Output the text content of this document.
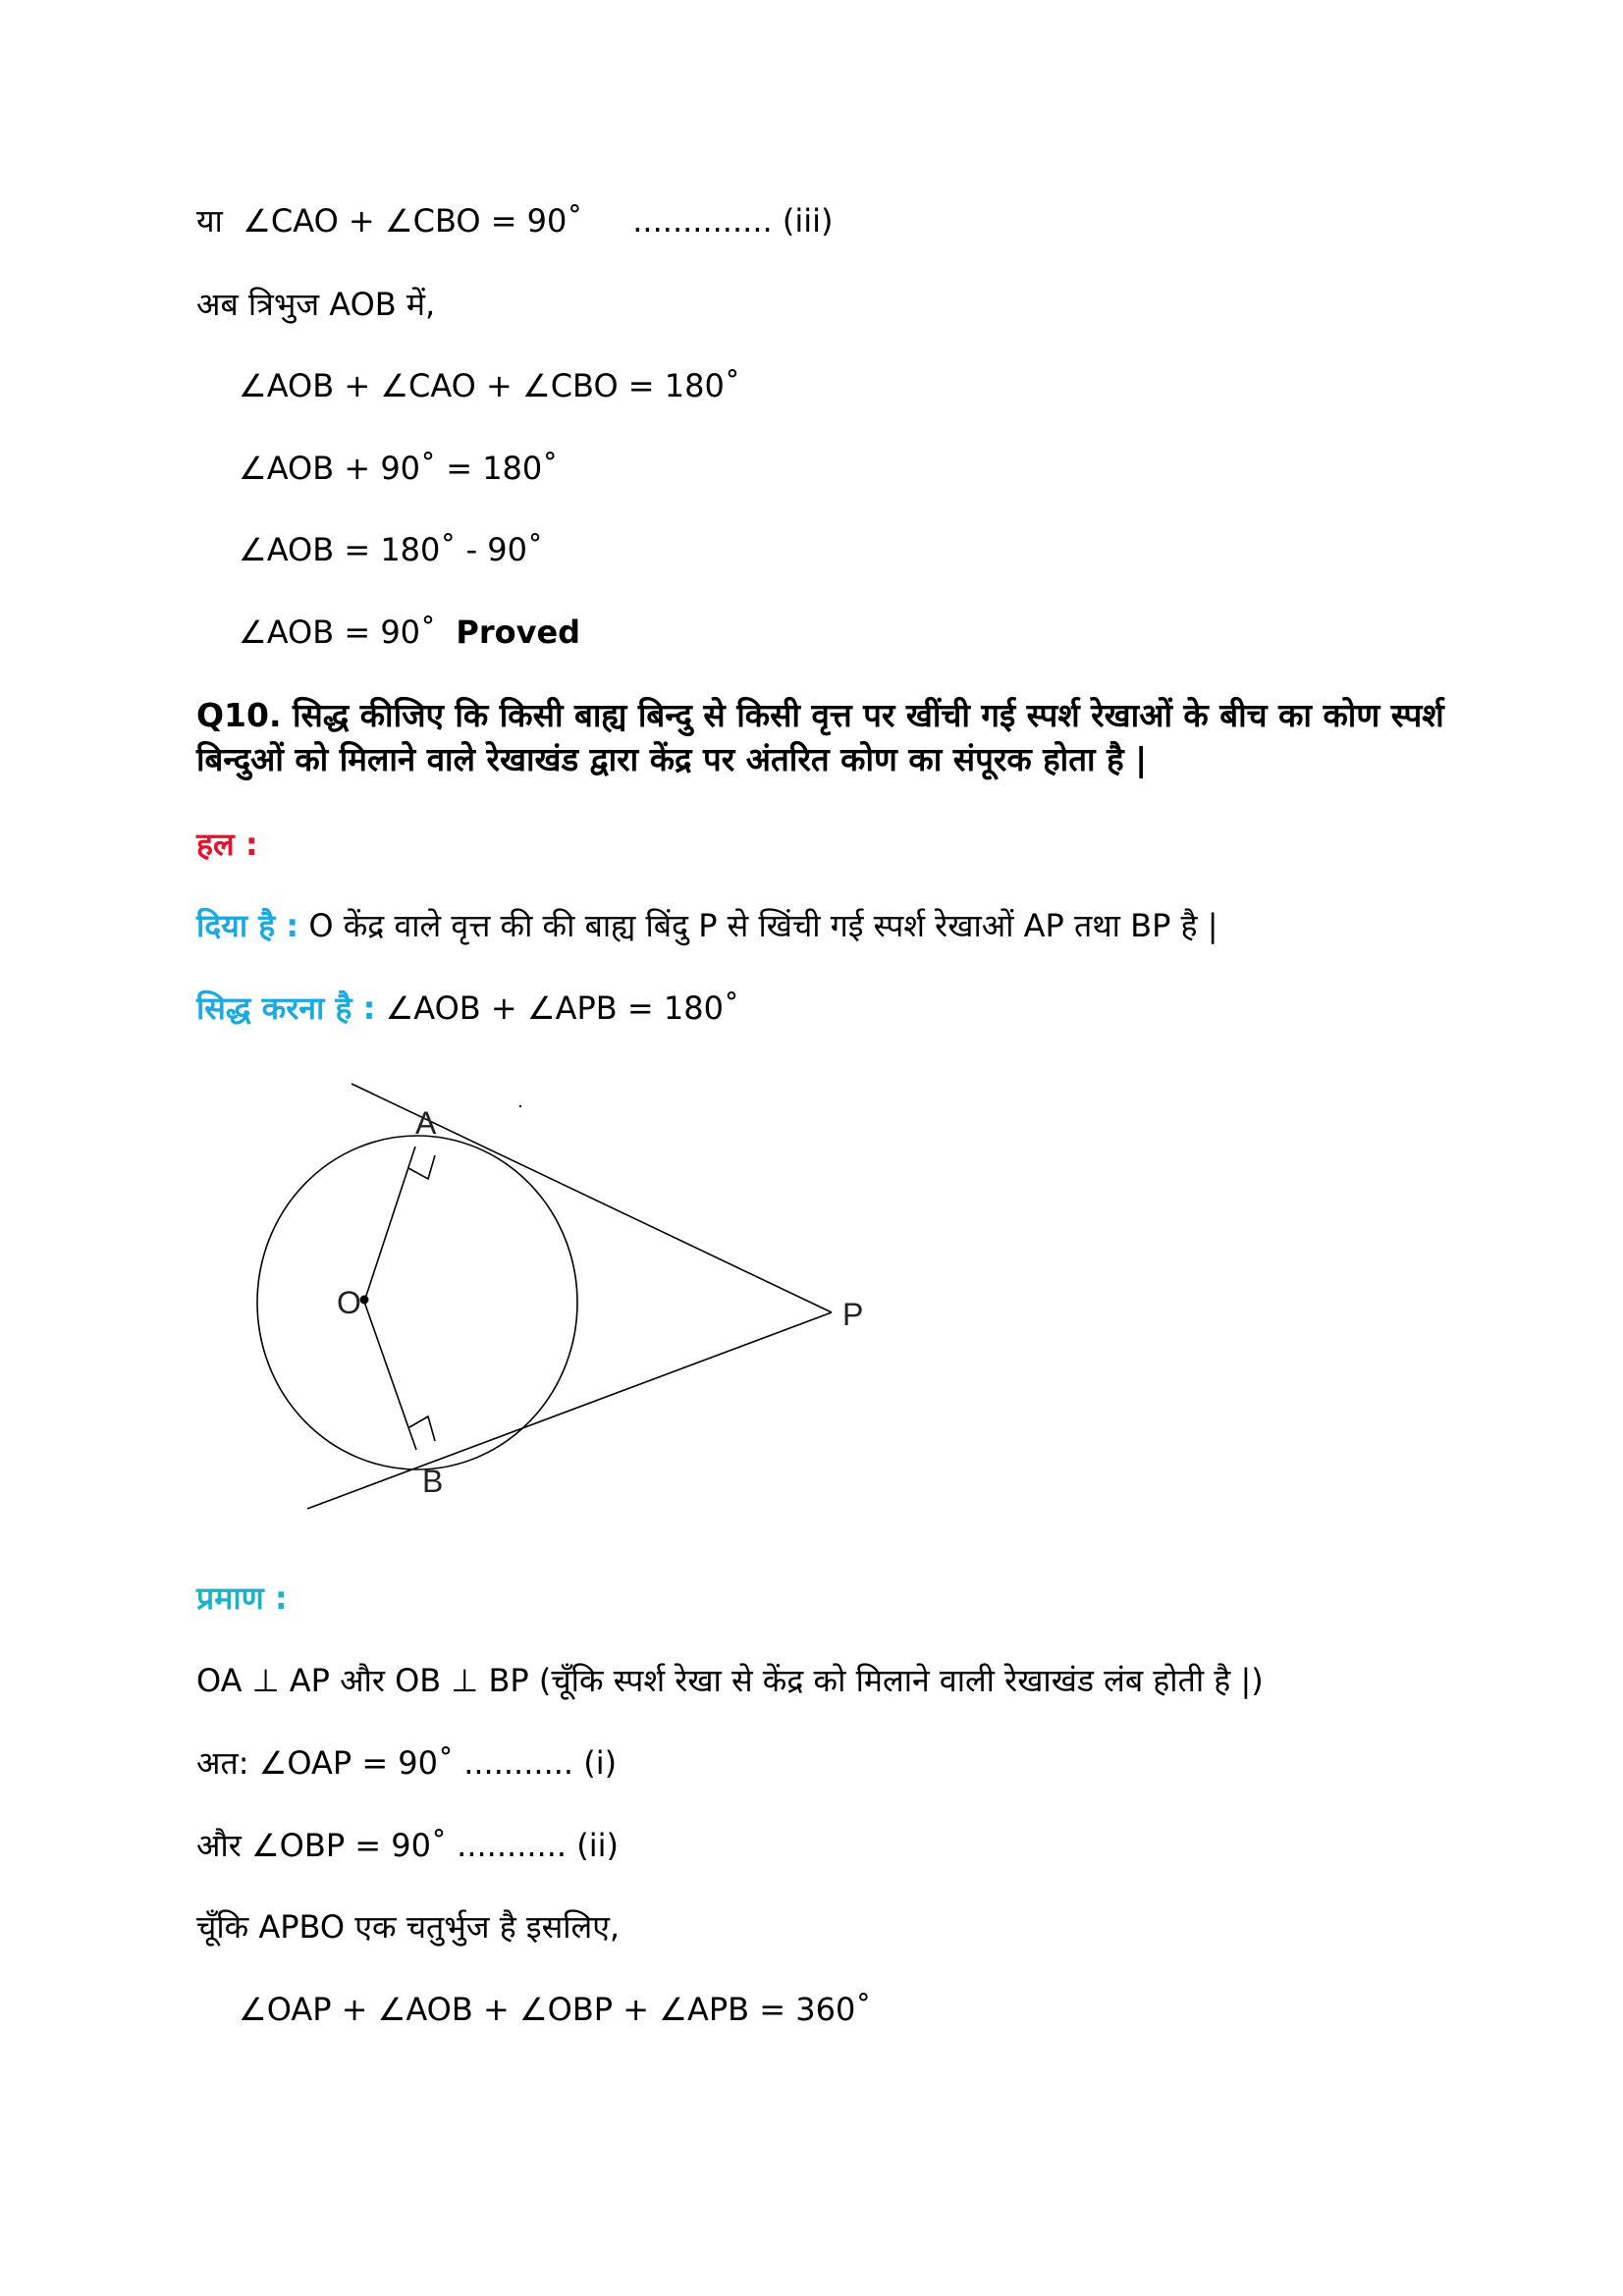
या ∠CAO + ∠CBO = 90˚ .............. (iii)
अब त्रिभुज AOB में,
∠AOB + ∠CAO + ∠CBO = 180˚
∠AOB + 90˚ = 180˚
∠AOB = 180˚ - 90˚
∠AOB = 90˚ Proved
Q10. सिद्ध कीजिए कि किसी बाह्य बिन्दु से किसी वृत्त पर खींची गई स्पर्श रेखाओं के बीच का कोण स्पर्श बिन्दुओं को मिलाने वाले रेखाखंड द्वारा केंद्र पर अंतरित कोण का संपूरक होता है |
हल :
दिया है : O केंद्र वाले वृत्त की की बाह्य बिंदु P से खिंची गई स्पर्श रेखाओं AP तथा BP है |
सिद्ध करना है : ∠AOB + ∠APB = 180˚
A
O	P
B
प्रमाण :
OA ⊥ AP और OB ⊥ BP (चूँकि स्पर्श रेखा से केंद्र को मिलाने वाली रेखाखंड लंब होती है |)
अत: ∠OAP = 90˚ ........... (i)
और ∠OBP = 90˚ ........... (ii)
चूँकि APBO एक चतुर्भुज है इसलिए,
∠OAP + ∠AOB + ∠OBP + ∠APB = 360˚
